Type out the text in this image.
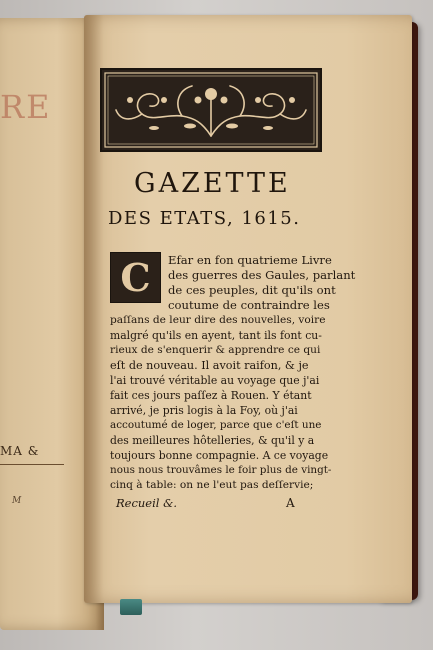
RE
MA &
M
GAZETTE
DES ETATS, 1615.
C	Efar en fon quatrieme Livre
des guerres des Gaules, parlant
de ces peuples, dit qu'ils ont
coutume de contraindre les
paſſans de leur dire des nouvelles, voire
malgré qu'ils en ayent, tant ils font cu-
rieux de s'enquerir & apprendre ce qui
eſt de nouveau. Il avoit raifon, & je
l'ai trouvé véritable au voyage que j'ai
fait ces jours paſſez à Rouen. Y étant
arrivé, je pris logis à la Foy, où j'ai
accoutumé de loger, parce que c'eſt une
des meilleures hôtelleries, & qu'il y a
toujours bonne compagnie. A ce voyage
nous nous trouvâmes le foir plus de vingt-
cinq à table: on ne l'eut pas deſſervie;
Recueil &.	A
